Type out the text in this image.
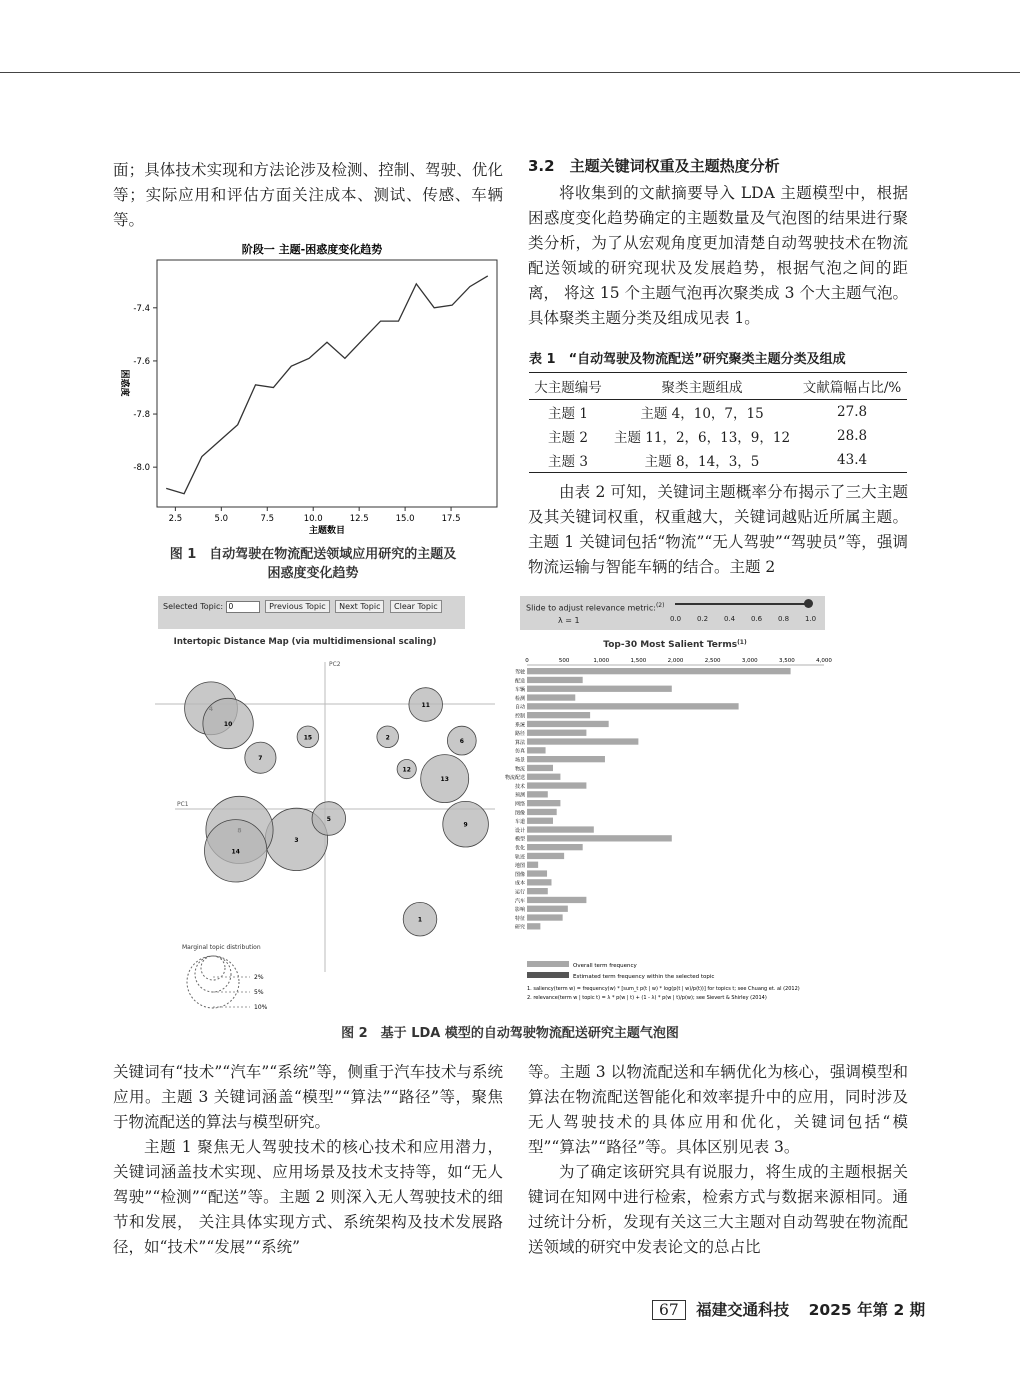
面；具体技术实现和方法论涉及检测、控制、驾驶、优化等；实际应用和评估方面关注成本、测试、传感、车辆等。

阶段一 主题-困惑度变化趋势
-7.4
-7.6
-7.8
-8.0
2.5	5.0	7.5	10.0	12.5	15.0	17.5
主题数目
困惑度
图 1　自动驾驶在物流配送领域应用研究的主题及
困惑度变化趋势
3.2　主题关键词权重及主题热度分析

将收集到的文献摘要导入 LDA 主题模型中，根据困惑度变化趋势确定的主题数量及气泡图的结果进行聚类分析，为了从宏观角度更加清楚自动驾驶技术在物流配送领域的研究现状及发展趋势，根据气泡之间的距离， 将这 15 个主题气泡再次聚类成 3 个大主题气泡。具体聚类主题分类及组成见表 1。

表 1　“自动驾驶及物流配送”研究聚类主题分类及组成
大主题编号	聚类主题组成	文献篇幅占比/%
主题 1	主题 4，10，7，15	27.8
主题 2	主题 11，2，6，13，9，12	28.8
主题 3	主题 8，14，3，5	43.4

由表 2 可知，关键词主题概率分布揭示了三大主题及其关键词权重，权重越大，关键词越贴近所属主题。主题 1 关键词包括“物流”“无人驾驶”“驾驶员”等，强调物流运输与智能车辆的结合。主题 2

Selected Topic: 0	Previous Topic Next Topic Clear Topic	Slide to adjust relevance metric:$^{(2)}$
λ = 1	0.0 0.2 0.4 0.6 0.8 1.0
Intertopic Distance Map (via multidimensional scaling)
PC2
PC1
1
2
3
5
6
7
9
10
11
12
13
14
15
Marginal topic distribution
2%
5%
10%
Top-30 Most Salient Terms$^{(1)}$
0	500	1,000	1,500	2,000	2,500	3,000	3,500	4,000
驾驶
配送
车辆
检测
自动
控制
系统
路径
算法
仿真
场景
物流
物流配送
技术
预测
网络
图像
车道
设计
模型
优化
轨迹
地图
图像
成本
运行
汽车
影响
特征
研究
Overall term frequency
Estimated term frequency within the selected topic
1. saliency(term w) = frequency(w) * [sum_t p(t | w) * log(p(t | w)/p(t))] for topics t; see Chuang et. al (2012)
2. relevance(term w | topic t) = λ * p(w | t) + (1 - λ) * p(w | t)/p(w); see Sievert & Shirley (2014)
图 2　基于 LDA 模型的自动驾驶物流配送研究主题气泡图

关键词有“技术”“汽车”“系统”等，侧重于汽车技术与系统应用。主题 3 关键词涵盖“模型”“算法”“路径”等，聚焦于物流配送的算法与模型研究。

主题 1 聚焦无人驾驶技术的核心技术和应用潜力，关键词涵盖技术实现、应用场景及技术支持等，如“无人驾驶”“检测”“配送”等。主题 2 则深入无人驾驶技术的细节和发展， 关注具体实现方式、系统架构及技术发展路径，如“技术”“发展”“系统”

等。主题 3 以物流配送和车辆优化为核心，强调模型和算法在物流配送智能化和效率提升中的应用，同时涉及无人驾驶技术的具体应用和优化，关键词包括“模型”“算法”“路径”等。具体区别见表 3。

为了确定该研究具有说服力，将生成的主题根据关键词在知网中进行检索，检索方式与数据来源相同。通过统计分析，发现有关这三大主题对自动驾驶在物流配送领域的研究中发表论文的总占比

67 福建交通科技 2025 年第 2 期
